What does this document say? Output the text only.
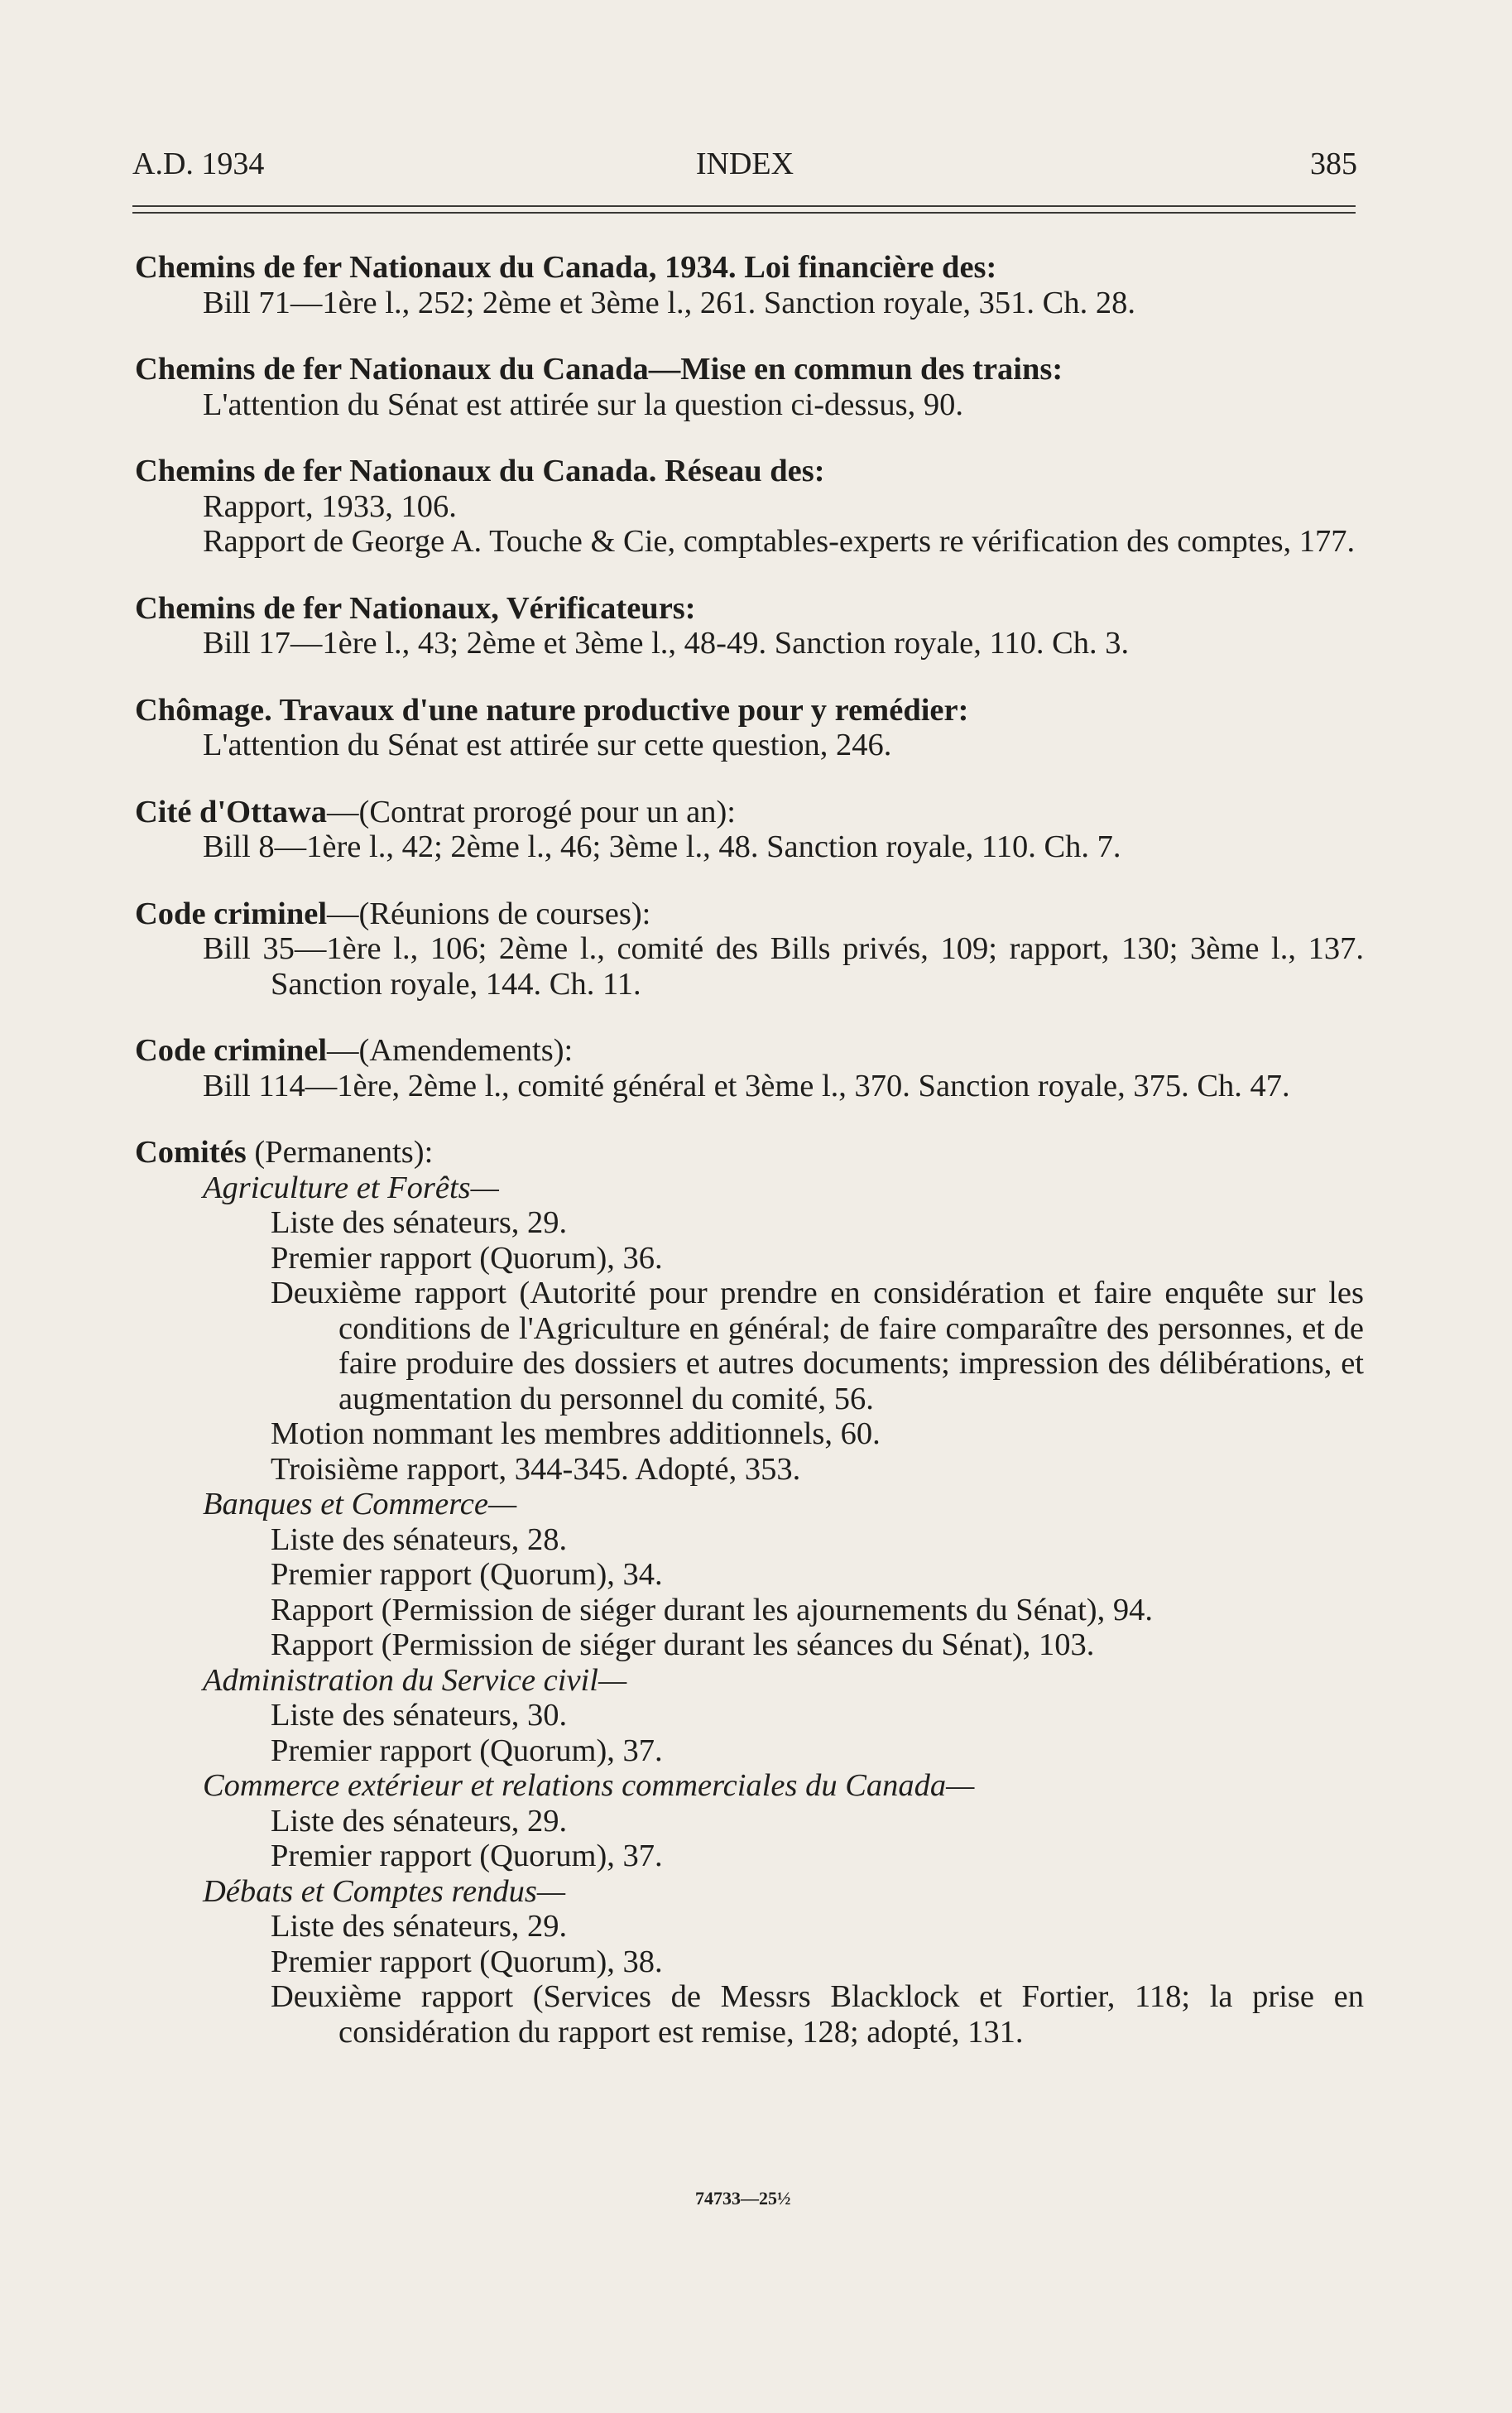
A.D. 1934	INDEX	385
Chemins de fer Nationaux du Canada, 1934. Loi financière des:

Bill 71—1ère l., 252; 2ème et 3ème l., 261. Sanction royale, 351. Ch. 28.

Chemins de fer Nationaux du Canada—Mise en commun des trains:

L'attention du Sénat est attirée sur la question ci-dessus, 90.

Chemins de fer Nationaux du Canada. Réseau des:

Rapport, 1933, 106.

Rapport de George A. Touche & Cie, comptables-experts re vérification des comptes, 177.

Chemins de fer Nationaux, Vérificateurs:

Bill 17—1ère l., 43; 2ème et 3ème l., 48-49. Sanction royale, 110. Ch. 3.

Chômage. Travaux d'une nature productive pour y remédier:

L'attention du Sénat est attirée sur cette question, 246.

Cité d'Ottawa—(Contrat prorogé pour un an):

Bill 8—1ère l., 42; 2ème l., 46; 3ème l., 48. Sanction royale, 110. Ch. 7.

Code criminel—(Réunions de courses):

Bill 35—1ère l., 106; 2ème l., comité des Bills privés, 109; rapport, 130; 3ème l., 137. Sanction royale, 144. Ch. 11.

Code criminel—(Amendements):

Bill 114—1ère, 2ème l., comité général et 3ème l., 370. Sanction royale, 375. Ch. 47.

Comités (Permanents):

Agriculture et Forêts—

Liste des sénateurs, 29.

Premier rapport (Quorum), 36.

Deuxième rapport (Autorité pour prendre en considération et faire enquête sur les conditions de l'Agriculture en général; de faire comparaître des personnes, et de faire produire des dossiers et autres documents; impression des délibérations, et augmentation du personnel du comité, 56.

Motion nommant les membres additionnels, 60.

Troisième rapport, 344-345. Adopté, 353.

Banques et Commerce—

Liste des sénateurs, 28.

Premier rapport (Quorum), 34.

Rapport (Permission de siéger durant les ajournements du Sénat), 94.

Rapport (Permission de siéger durant les séances du Sénat), 103.

Administration du Service civil—

Liste des sénateurs, 30.

Premier rapport (Quorum), 37.

Commerce extérieur et relations commerciales du Canada—

Liste des sénateurs, 29.

Premier rapport (Quorum), 37.

Débats et Comptes rendus—

Liste des sénateurs, 29.

Premier rapport (Quorum), 38.

Deuxième rapport (Services de Messrs Blacklock et Fortier, 118; la prise en considération du rapport est remise, 128; adopté, 131.

74733—25½
